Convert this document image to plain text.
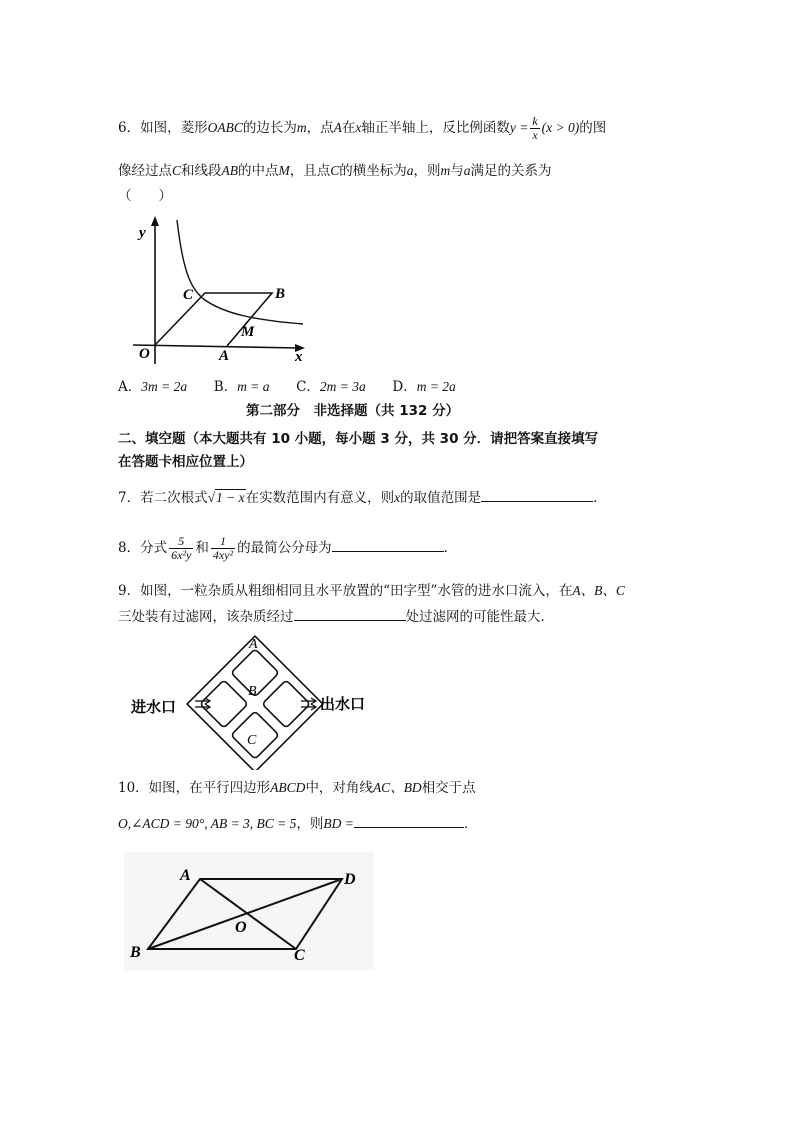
6．如图，菱形OABC的边长为m，点A在x轴正半轴上，反比例函数$y = \frac{k}{x} (x > 0)$的图
像经过点C和线段AB的中点M，且点C的横坐标为a，则m与a满足的关系为
（　　）
y
x
O	A
B
C
M
A．3m = 2a B．m = a C．2m = 3a D．m = 2a
第二部分　非选择题（共 132 分）
二、填空题（本大题共有 10 小题，每小题 3 分，共 30 分．请把答案直接填写
在答题卡相应位置上）
7．若二次根式√1 − x在实数范围内有意义，则x的取值范围是	．
8．分式 $\frac{5}{\text{6x²y}}$ 和 $\frac{1}{\text{4xy²}}$ 的最简公分母为	．
9．如图，一粒杂质从粗细相同且水平放置的“田字型”水管的进水口流入，在A、B、C
三处装有过滤网，该杂质经过	处过滤网的可能性最大．
A
B
C
进水口	出水口
10．如图，在平行四边形ABCD中，对角线AC、BD相交于点
O,∠ACD = 90°, AB = 3, BC = 5，则BD =	．
A	D
B	C
O
